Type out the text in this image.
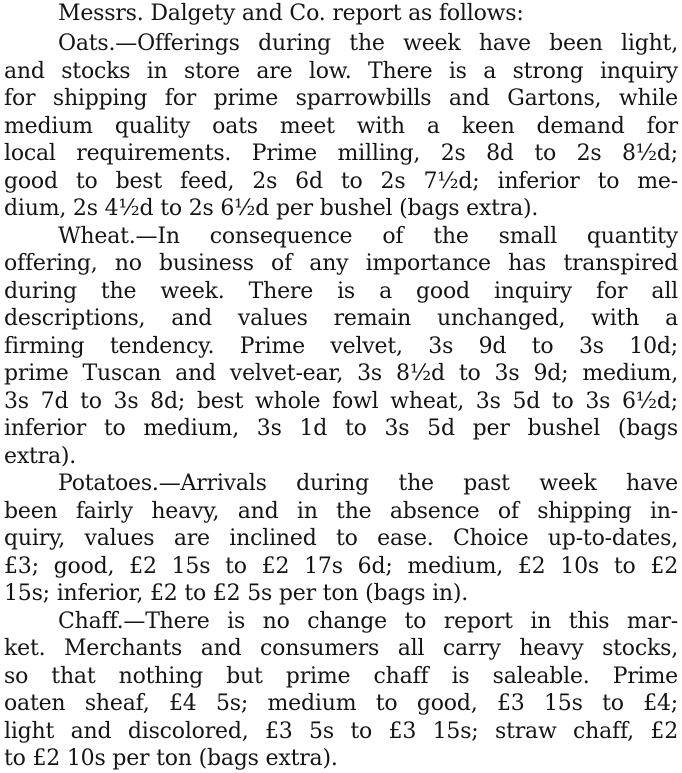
Messrs. Dalgety and Co. report as follows:
Oats.—Offerings during the week have been light,
and stocks in store are low. There is a strong inquiry
for shipping for prime sparrowbills and Gartons, while
medium quality oats meet with a keen demand for
local requirements. Prime milling, 2s 8d to 2s 8½d;
good to best feed, 2s 6d to 2s 7½d; inferior to me-
dium, 2s 4½d to 2s 6½d per bushel (bags extra).
Wheat.—In consequence of the small quantity
offering, no business of any importance has transpired
during the week. There is a good inquiry for all
descriptions, and values remain unchanged, with a
firming tendency. Prime velvet, 3s 9d to 3s 10d;
prime Tuscan and velvet-ear, 3s 8½d to 3s 9d; medium,
3s 7d to 3s 8d; best whole fowl wheat, 3s 5d to 3s 6½d;
inferior to medium, 3s 1d to 3s 5d per bushel (bags
extra).
Potatoes.—Arrivals during the past week have
been fairly heavy, and in the absence of shipping in-
quiry, values are inclined to ease. Choice up-to-dates,
£3; good, £2 15s to £2 17s 6d; medium, £2 10s to £2
15s; inferior, £2 to £2 5s per ton (bags in).
Chaff.—There is no change to report in this mar-
ket. Merchants and consumers all carry heavy stocks,
so that nothing but prime chaff is saleable. Prime
oaten sheaf, £4 5s; medium to good, £3 15s to £4;
light and discolored, £3 5s to £3 15s; straw chaff, £2
to £2 10s per ton (bags extra).
